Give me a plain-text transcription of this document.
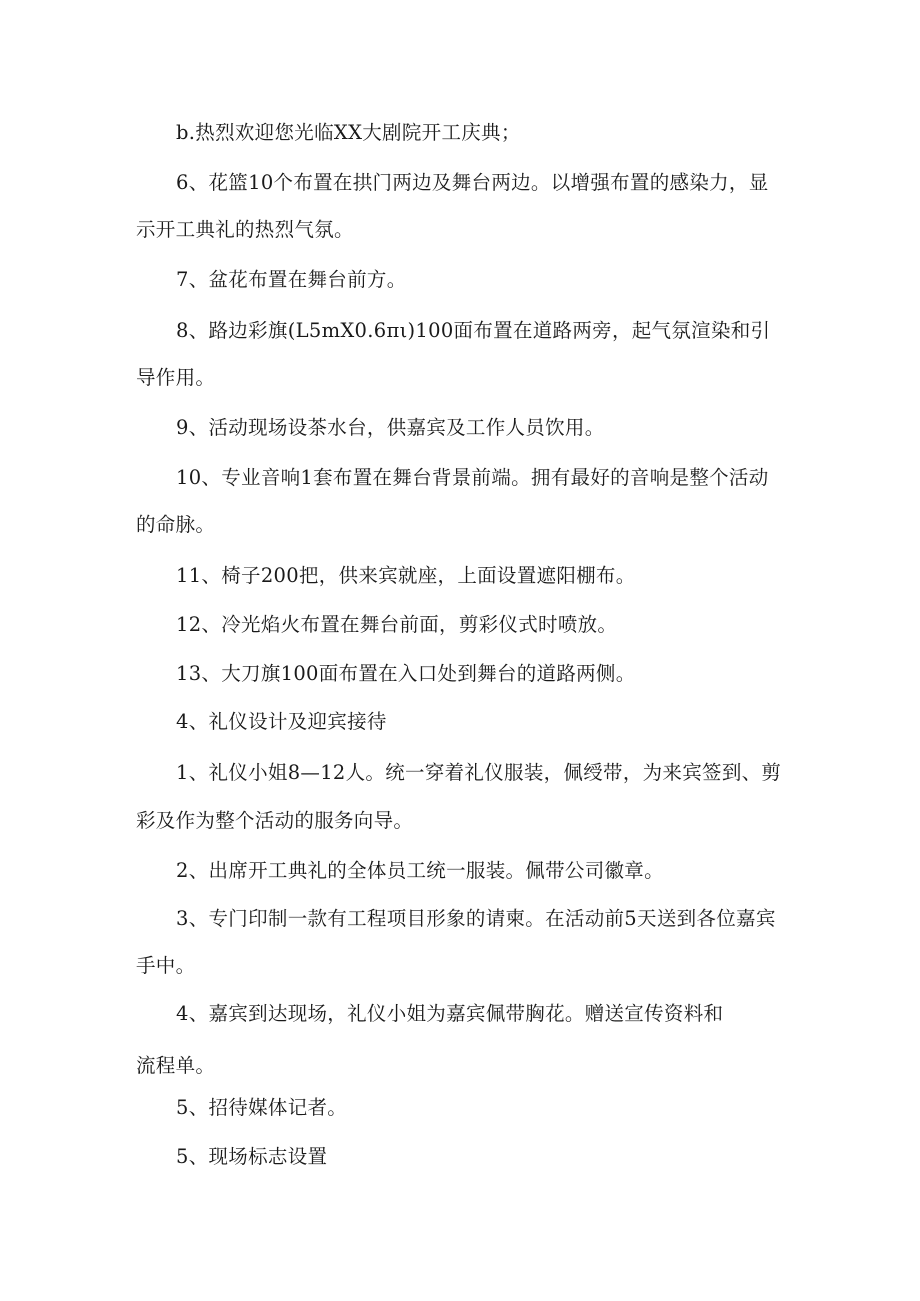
b.热烈欢迎您光临XX大剧院开工庆典；
6、花篮10个布置在拱门两边及舞台两边。以增强布置的感染力，显
示开工典礼的热烈气氛。
7、盆花布置在舞台前方。
8、路边彩旗(L5mX0.6πι)100面布置在道路两旁，起气氛渲染和引
导作用。
9、活动现场设茶水台，供嘉宾及工作人员饮用。
10、专业音响1套布置在舞台背景前端。拥有最好的音响是整个活动
的命脉。
11、椅子200把，供来宾就座，上面设置遮阳棚布。
12、冷光焰火布置在舞台前面，剪彩仪式时喷放。
13、大刀旗100面布置在入口处到舞台的道路两侧。
4、礼仪设计及迎宾接待
1、礼仪小姐8—12人。统一穿着礼仪服装，佩绶带，为来宾签到、剪
彩及作为整个活动的服务向导。
2、出席开工典礼的全体员工统一服装。佩带公司徽章。
3、专门印制一款有工程项目形象的请柬。在活动前5天送到各位嘉宾
手中。
4、嘉宾到达现场，礼仪小姐为嘉宾佩带胸花。赠送宣传资料和
流程单。
5、招待媒体记者。
5、现场标志设置
